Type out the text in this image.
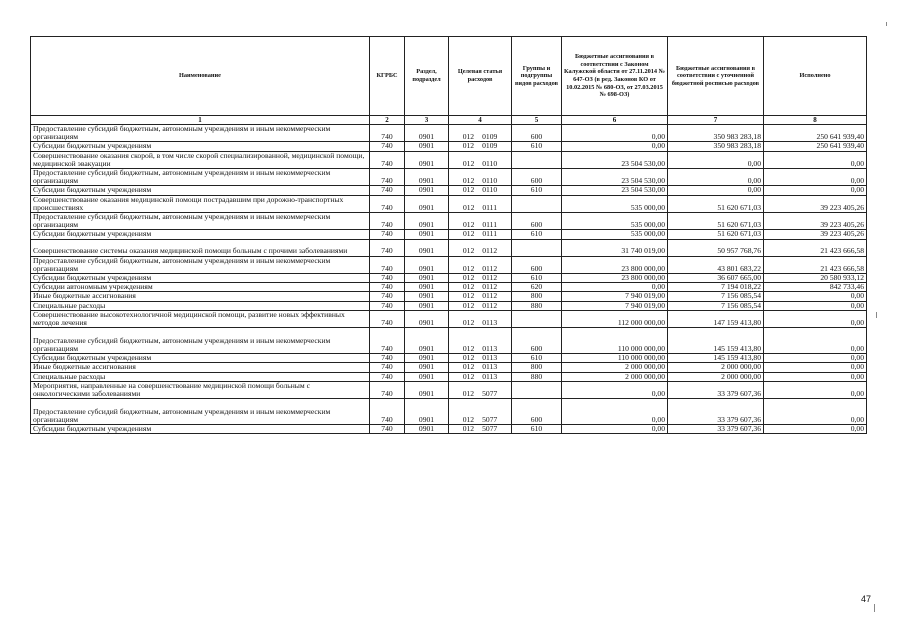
Наименование	КГРБС	Раздел, подраздел	Целевая статья расходов	Группы и подгруппы видов расходов	Бюджетные ассигнования в соответствии с Законом Калужской области от 27.11.2014 № 647-ОЗ (в ред. Законов КО от 10.02.2015 № 680-ОЗ, от 27.03.2015 № 698-ОЗ)	Бюджетные ассигнования в соответствии с уточненной бюджетной росписью расходов	Исполнено
1	2	3	4	5	6	7	8
Предоставление субсидий бюджетным, автономным учреждениям и иным некоммерческим организациям	740	0901	012 0109	600	0,00	350 983 283,18	250 641 939,40
Субсидии бюджетным учреждениям	740	0901	012 0109	610	0,00	350 983 283,18	250 641 939,40
Совершенствование оказания скорой, в том числе скорой специализированной, медицинской помощи, медицинской эвакуации	740	0901	012 0110		23 504 530,00	0,00	0,00
Предоставление субсидий бюджетным, автономным учреждениям и иным некоммерческим организациям	740	0901	012 0110	600	23 504 530,00	0,00	0,00
Субсидии бюджетным учреждениям	740	0901	012 0110	610	23 504 530,00	0,00	0,00
Совершенствование оказания медицинской помощи пострадавшим при дорожно-транспортных происшествиях	740	0901	012 0111		535 000,00	51 620 671,03	39 223 405,26
Предоставление субсидий бюджетным, автономным учреждениям и иным некоммерческим организациям	740	0901	012 0111	600	535 000,00	51 620 671,03	39 223 405,26
Субсидии бюджетным учреждениям	740	0901	012 0111	610	535 000,00	51 620 671,03	39 223 405,26
Совершенствование системы оказания медицинской помощи больным с прочими заболеваниями	740	0901	012 0112		31 740 019,00	50 957 768,76	21 423 666,58
Предоставление субсидий бюджетным, автономным учреждениям и иным некоммерческим организациям	740	0901	012 0112	600	23 800 000,00	43 801 683,22	21 423 666,58
Субсидии бюджетным учреждениям	740	0901	012 0112	610	23 800 000,00	36 607 665,00	20 580 933,12
Субсидии автономным учреждениям	740	0901	012 0112	620	0,00	7 194 018,22	842 733,46
Иные бюджетные ассигнования	740	0901	012 0112	800	7 940 019,00	7 156 085,54	0,00
Специальные расходы	740	0901	012 0112	880	7 940 019,00	7 156 085,54	0,00
Совершенствование высокотехнологичной медицинской помощи, развитие новых эффективных методов лечения	740	0901	012 0113		112 000 000,00	147 159 413,80	0,00
Предоставление субсидий бюджетным, автономным учреждениям и иным некоммерческим организациям	740	0901	012 0113	600	110 000 000,00	145 159 413,80	0,00
Субсидии бюджетным учреждениям	740	0901	012 0113	610	110 000 000,00	145 159 413,80	0,00
Иные бюджетные ассигнования	740	0901	012 0113	800	2 000 000,00	2 000 000,00	0,00
Специальные расходы	740	0901	012 0113	880	2 000 000,00	2 000 000,00	0,00
Мероприятия, направленные на совершенствование медицинской помощи больным с онкологическими заболеваниями	740	0901	012 5077		0,00	33 379 607,36	0,00
Предоставление субсидий бюджетным, автономным учреждениям и иным некоммерческим организациям	740	0901	012 5077	600	0,00	33 379 607,36	0,00
Субсидии бюджетным учреждениям	740	0901	012 5077	610	0,00	33 379 607,36	0,00
47
